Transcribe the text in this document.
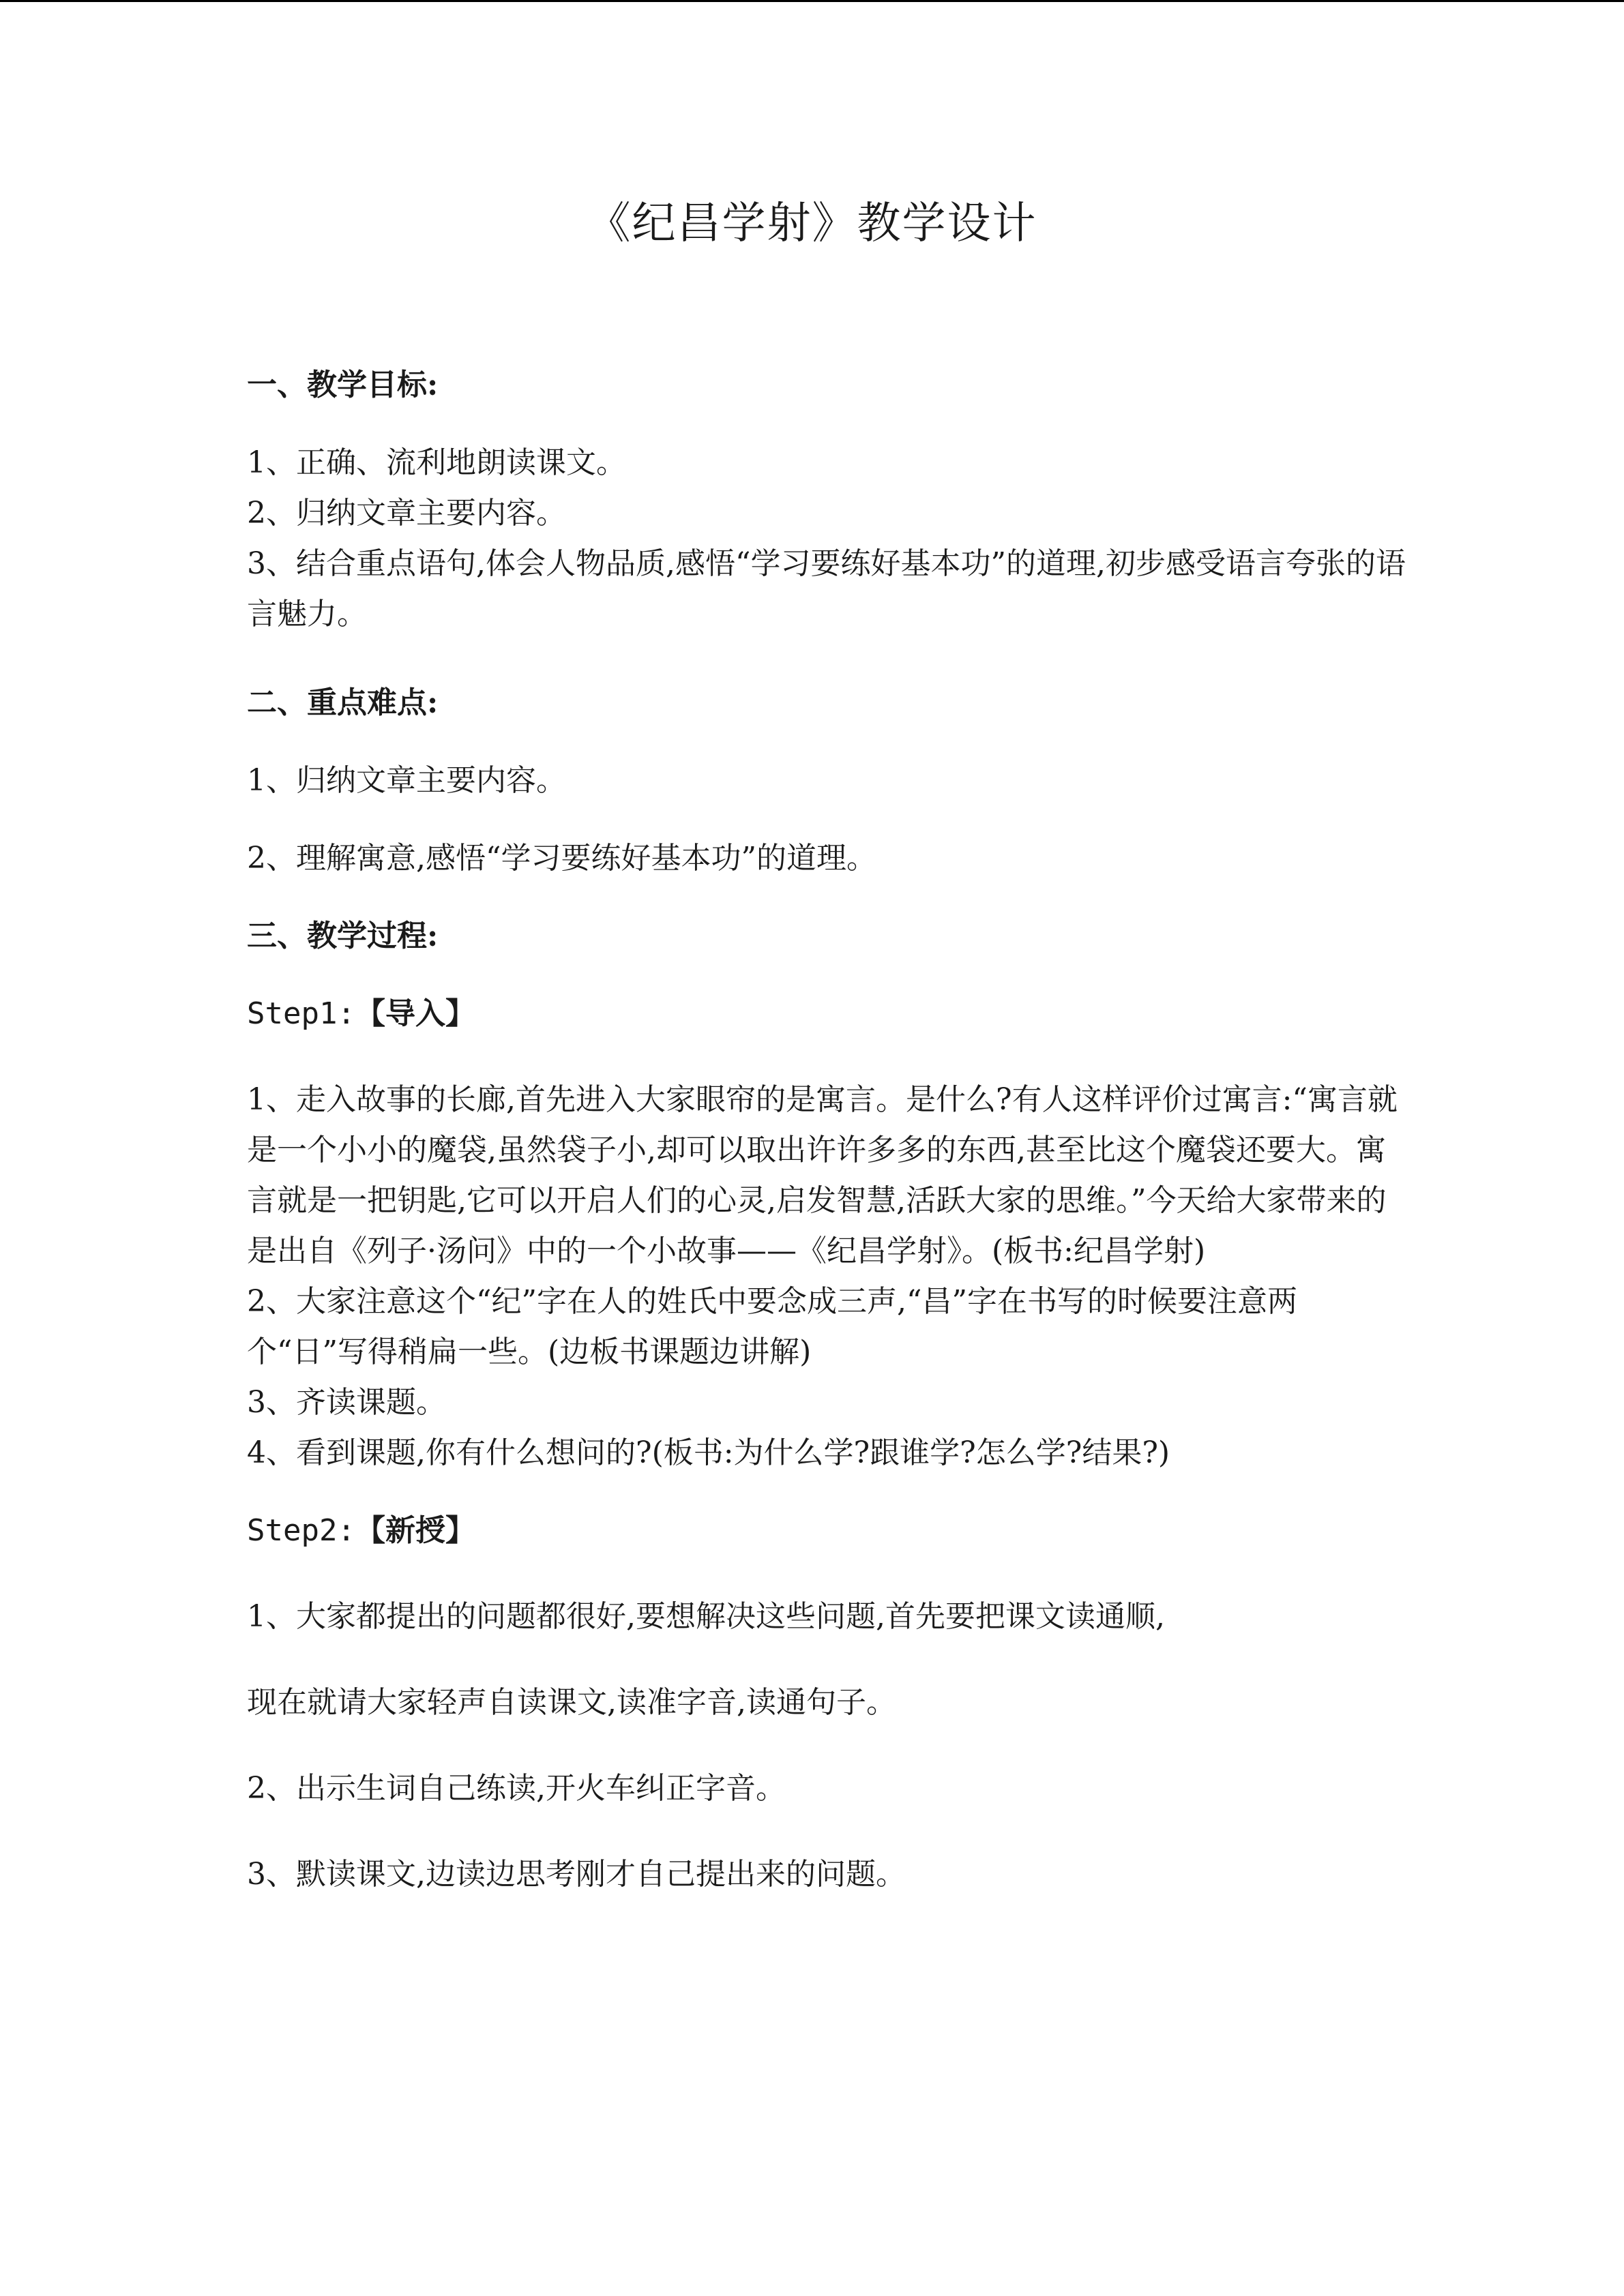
《纪昌学射》教学设计

一、教学目标:

1、正确、流利地朗读课文。

2、归纳文章主要内容。

3、结合重点语句,体会人物品质,感悟“学习要练好基本功”的道理,初步感受语言夸张的语言魅力。

二、重点难点:

1、归纳文章主要内容。

2、理解寓意,感悟“学习要练好基本功”的道理。

三、教学过程:

Step1:【导入】

1、走入故事的长廊,首先进入大家眼帘的是寓言。是什么?有人这样评价过寓言:“寓言就是一个小小的魔袋,虽然袋子小,却可以取出许许多多的东西,甚至比这个魔袋还要大。寓言就是一把钥匙,它可以开启人们的心灵,启发智慧,活跃大家的思维。”今天给大家带来的是出自《列子·汤问》中的一个小故事——《纪昌学射》。(板书:纪昌学射)

2、大家注意这个“纪”字在人的姓氏中要念成三声,“昌”字在书写的时候要注意两个“日”写得稍扁一些。(边板书课题边讲解)

3、齐读课题。

4、看到课题,你有什么想问的?(板书:为什么学?跟谁学?怎么学?结果?)

Step2:【新授】

1、大家都提出的问题都很好,要想解决这些问题,首先要把课文读通顺,

现在就请大家轻声自读课文,读准字音,读通句子。

2、出示生词自己练读,开火车纠正字音。

3、默读课文,边读边思考刚才自己提出来的问题。
